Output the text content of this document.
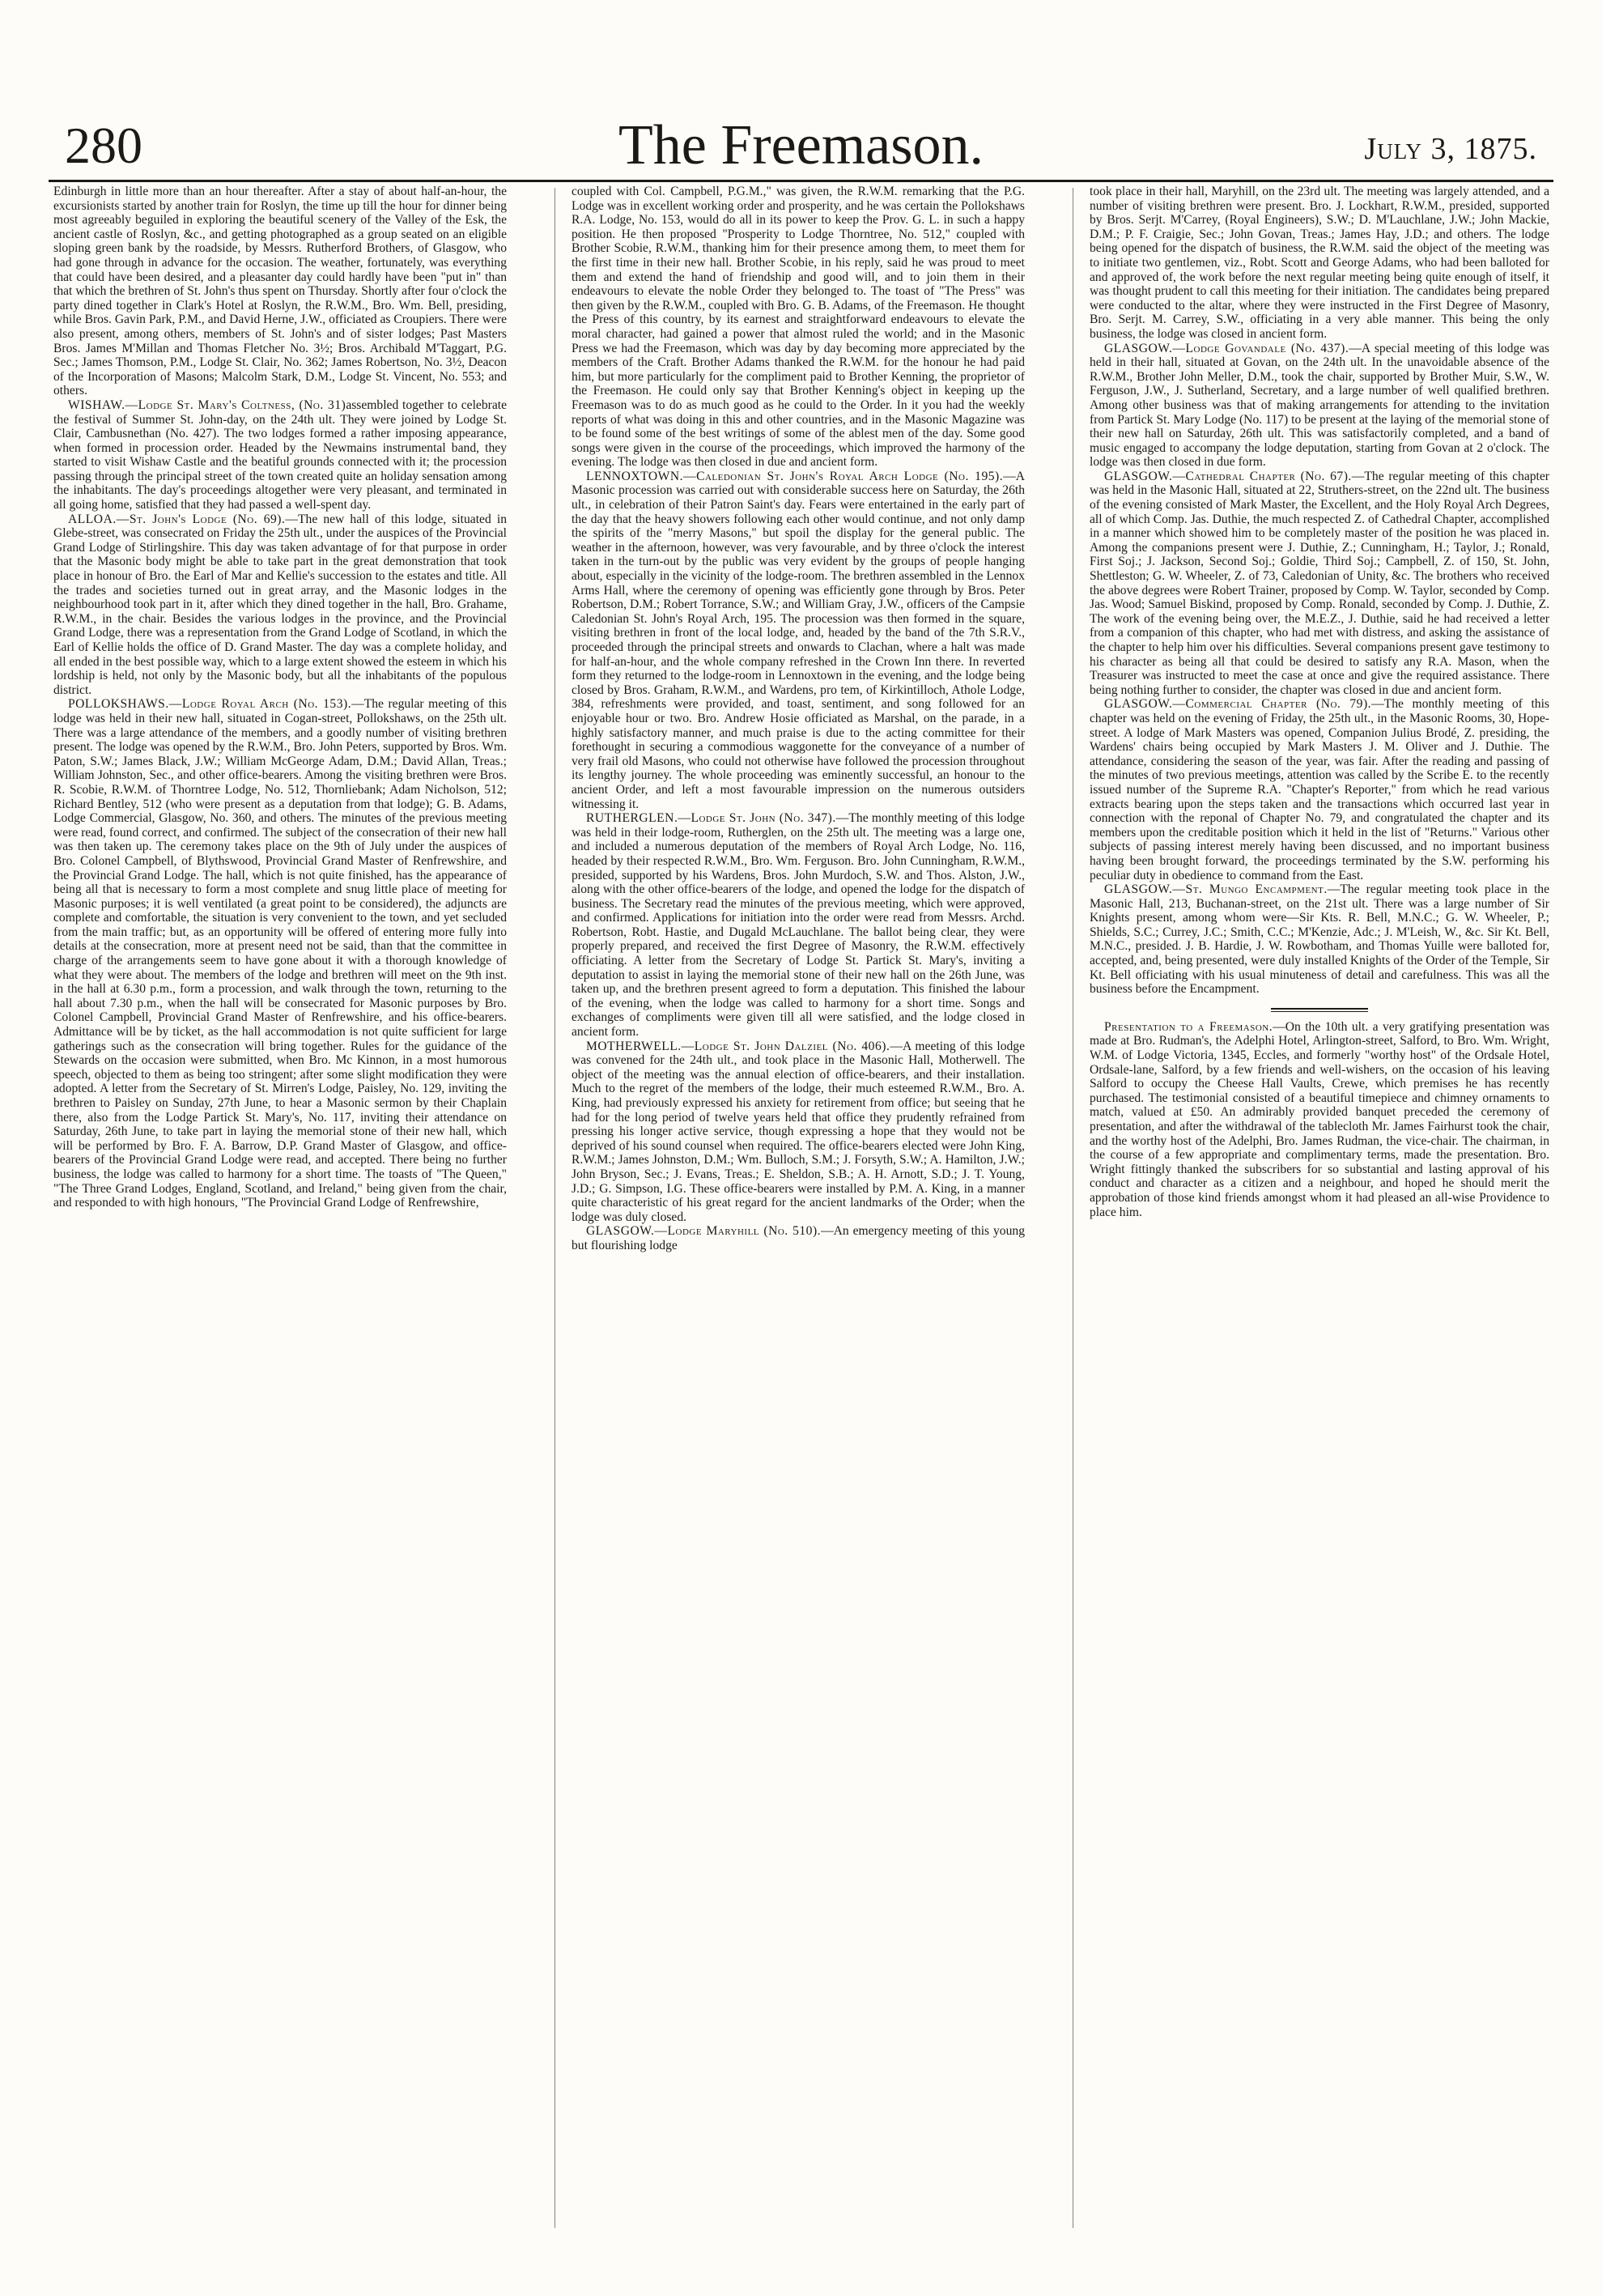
280	The Freemason.	July 3, 1875.

Edinburgh in little more than an hour thereafter. After a stay of about half-an-hour, the excursionists started by another train for Roslyn, the time up till the hour for dinner being most agreeably beguiled in exploring the beautiful scenery of the Valley of the Esk, the ancient castle of Roslyn, &c., and getting photographed as a group seated on an eligible sloping green bank by the roadside, by Messrs. Rutherford Brothers, of Glasgow, who had gone through in advance for the occasion. The weather, fortunately, was everything that could have been desired, and a pleasanter day could hardly have been "put in" than that which the brethren of St. John's thus spent on Thursday. Shortly after four o'clock the party dined together in Clark's Hotel at Roslyn, the R.W.M., Bro. Wm. Bell, presiding, while Bros. Gavin Park, P.M., and David Herne, J.W., officiated as Croupiers. There were also present, among others, members of St. John's and of sister lodges; Past Masters Bros. James M'Millan and Thomas Fletcher No. 3½; Bros. Archibald M'Taggart, P.G. Sec.; James Thomson, P.M., Lodge St. Clair, No. 362; James Robertson, No. 3½, Deacon of the Incorporation of Masons; Malcolm Stark, D.M., Lodge St. Vincent, No. 553; and others.

WISHAW.—Lodge St. Mary's Coltness, (No. 31)assembled together to celebrate the festival of Summer St. John-day, on the 24th ult. They were joined by Lodge St. Clair, Cambusnethan (No. 427). The two lodges formed a rather imposing appearance, when formed in procession order. Headed by the Newmains instrumental band, they started to visit Wishaw Castle and the beatiful grounds connected with it; the procession passing through the principal street of the town created quite an holiday sensation among the inhabitants. The day's proceedings altogether were very pleasant, and terminated in all going home, satisfied that they had passed a well-spent day.

ALLOA.—St. John's Lodge (No. 69).—The new hall of this lodge, situated in Glebe-street, was consecrated on Friday the 25th ult., under the auspices of the Provincial Grand Lodge of Stirlingshire. This day was taken advantage of for that purpose in order that the Masonic body might be able to take part in the great demonstration that took place in honour of Bro. the Earl of Mar and Kellie's succession to the estates and title. All the trades and societies turned out in great array, and the Masonic lodges in the neighbourhood took part in it, after which they dined together in the hall, Bro. Grahame, R.W.M., in the chair. Besides the various lodges in the province, and the Provincial Grand Lodge, there was a representation from the Grand Lodge of Scotland, in which the Earl of Kellie holds the office of D. Grand Master. The day was a complete holiday, and all ended in the best possible way, which to a large extent showed the esteem in which his lordship is held, not only by the Masonic body, but all the inhabitants of the populous district.

POLLOKSHAWS.—Lodge Royal Arch (No. 153).—The regular meeting of this lodge was held in their new hall, situated in Cogan-street, Pollokshaws, on the 25th ult. There was a large attendance of the members, and a goodly number of visiting brethren present. The lodge was opened by the R.W.M., Bro. John Peters, supported by Bros. Wm. Paton, S.W.; James Black, J.W.; William McGeorge Adam, D.M.; David Allan, Treas.; William Johnston, Sec., and other office-bearers. Among the visiting brethren were Bros. R. Scobie, R.W.M. of Thorntree Lodge, No. 512, Thornliebank; Adam Nicholson, 512; Richard Bentley, 512 (who were present as a deputation from that lodge); G. B. Adams, Lodge Commercial, Glasgow, No. 360, and others. The minutes of the previous meeting were read, found correct, and confirmed. The subject of the consecration of their new hall was then taken up. The ceremony takes place on the 9th of July under the auspices of Bro. Colonel Campbell, of Blythswood, Provincial Grand Master of Renfrewshire, and the Provincial Grand Lodge. The hall, which is not quite finished, has the appearance of being all that is necessary to form a most complete and snug little place of meeting for Masonic purposes; it is well ventilated (a great point to be considered), the adjuncts are complete and comfortable, the situation is very convenient to the town, and yet secluded from the main traffic; but, as an opportunity will be offered of entering more fully into details at the consecration, more at present need not be said, than that the committee in charge of the arrangements seem to have gone about it with a thorough knowledge of what they were about. The members of the lodge and brethren will meet on the 9th inst. in the hall at 6.30 p.m., form a procession, and walk through the town, returning to the hall about 7.30 p.m., when the hall will be consecrated for Masonic purposes by Bro. Colonel Campbell, Provincial Grand Master of Renfrewshire, and his office-bearers. Admittance will be by ticket, as the hall accommodation is not quite sufficient for large gatherings such as the consecration will bring together. Rules for the guidance of the Stewards on the occasion were submitted, when Bro. Mc Kinnon, in a most humorous speech, objected to them as being too stringent; after some slight modification they were adopted. A letter from the Secretary of St. Mirren's Lodge, Paisley, No. 129, inviting the brethren to Paisley on Sunday, 27th June, to hear a Masonic sermon by their Chaplain there, also from the Lodge Partick St. Mary's, No. 117, inviting their attendance on Saturday, 26th June, to take part in laying the memorial stone of their new hall, which will be performed by Bro. F. A. Barrow, D.P. Grand Master of Glasgow, and office-bearers of the Provincial Grand Lodge were read, and accepted. There being no further business, the lodge was called to harmony for a short time. The toasts of "The Queen," "The Three Grand Lodges, England, Scotland, and Ireland," being given from the chair, and responded to with high honours, "The Provincial Grand Lodge of Renfrewshire,

coupled with Col. Campbell, P.G.M.," was given, the R.W.M. remarking that the P.G. Lodge was in excellent working order and prosperity, and he was certain the Pollokshaws R.A. Lodge, No. 153, would do all in its power to keep the Prov. G. L. in such a happy position. He then proposed "Prosperity to Lodge Thorntree, No. 512," coupled with Brother Scobie, R.W.M., thanking him for their presence among them, to meet them for the first time in their new hall. Brother Scobie, in his reply, said he was proud to meet them and extend the hand of friendship and good will, and to join them in their endeavours to elevate the noble Order they belonged to. The toast of "The Press" was then given by the R.W.M., coupled with Bro. G. B. Adams, of the Freemason. He thought the Press of this country, by its earnest and straightforward endeavours to elevate the moral character, had gained a power that almost ruled the world; and in the Masonic Press we had the Freemason, which was day by day becoming more appreciated by the members of the Craft. Brother Adams thanked the R.W.M. for the honour he had paid him, but more particularly for the compliment paid to Brother Kenning, the proprietor of the Freemason. He could only say that Brother Kenning's object in keeping up the Freemason was to do as much good as he could to the Order. In it you had the weekly reports of what was doing in this and other countries, and in the Masonic Magazine was to be found some of the best writings of some of the ablest men of the day. Some good songs were given in the course of the proceedings, which improved the harmony of the evening. The lodge was then closed in due and ancient form.

LENNOXTOWN.—Caledonian St. John's Royal Arch Lodge (No. 195).—A Masonic procession was carried out with considerable success here on Saturday, the 26th ult., in celebration of their Patron Saint's day. Fears were entertained in the early part of the day that the heavy showers following each other would continue, and not only damp the spirits of the "merry Masons," but spoil the display for the general public. The weather in the afternoon, however, was very favourable, and by three o'clock the interest taken in the turn-out by the public was very evident by the groups of people hanging about, especially in the vicinity of the lodge-room. The brethren assembled in the Lennox Arms Hall, where the ceremony of opening was efficiently gone through by Bros. Peter Robertson, D.M.; Robert Torrance, S.W.; and William Gray, J.W., officers of the Campsie Caledonian St. John's Royal Arch, 195. The procession was then formed in the square, visiting brethren in front of the local lodge, and, headed by the band of the 7th S.R.V., proceeded through the principal streets and onwards to Clachan, where a halt was made for half-an-hour, and the whole company refreshed in the Crown Inn there. In reverted form they returned to the lodge-room in Lennoxtown in the evening, and the lodge being closed by Bros. Graham, R.W.M., and Wardens, pro tem, of Kirkintilloch, Athole Lodge, 384, refreshments were provided, and toast, sentiment, and song followed for an enjoyable hour or two. Bro. Andrew Hosie officiated as Marshal, on the parade, in a highly satisfactory manner, and much praise is due to the acting committee for their forethought in securing a commodious waggonette for the conveyance of a number of very frail old Masons, who could not otherwise have followed the procession throughout its lengthy journey. The whole proceeding was eminently successful, an honour to the ancient Order, and left a most favourable impression on the numerous outsiders witnessing it.

RUTHERGLEN.—Lodge St. John (No. 347).—The monthly meeting of this lodge was held in their lodge-room, Rutherglen, on the 25th ult. The meeting was a large one, and included a numerous deputation of the members of Royal Arch Lodge, No. 116, headed by their respected R.W.M., Bro. Wm. Ferguson. Bro. John Cunningham, R.W.M., presided, supported by his Wardens, Bros. John Murdoch, S.W. and Thos. Alston, J.W., along with the other office-bearers of the lodge, and opened the lodge for the dispatch of business. The Secretary read the minutes of the previous meeting, which were approved, and confirmed. Applications for initiation into the order were read from Messrs. Archd. Robertson, Robt. Hastie, and Dugald McLauchlane. The ballot being clear, they were properly prepared, and received the first Degree of Masonry, the R.W.M. effectively officiating. A letter from the Secretary of Lodge St. Partick St. Mary's, inviting a deputation to assist in laying the memorial stone of their new hall on the 26th June, was taken up, and the brethren present agreed to form a deputation. This finished the labour of the evening, when the lodge was called to harmony for a short time. Songs and exchanges of compliments were given till all were satisfied, and the lodge closed in ancient form.

MOTHERWELL.—Lodge St. John Dalziel (No. 406).—A meeting of this lodge was convened for the 24th ult., and took place in the Masonic Hall, Motherwell. The object of the meeting was the annual election of office-bearers, and their installation. Much to the regret of the members of the lodge, their much esteemed R.W.M., Bro. A. King, had previously expressed his anxiety for retirement from office; but seeing that he had for the long period of twelve years held that office they prudently refrained from pressing his longer active service, though expressing a hope that they would not be deprived of his sound counsel when required. The office-bearers elected were John King, R.W.M.; James Johnston, D.M.; Wm. Bulloch, S.M.; J. Forsyth, S.W.; A. Hamilton, J.W.; John Bryson, Sec.; J. Evans, Treas.; E. Sheldon, S.B.; A. H. Arnott, S.D.; J. T. Young, J.D.; G. Simpson, I.G. These office-bearers were installed by P.M. A. King, in a manner quite characteristic of his great regard for the ancient landmarks of the Order; when the lodge was duly closed.

GLASGOW.—Lodge Maryhill (No. 510).—An emergency meeting of this young but flourishing lodge

took place in their hall, Maryhill, on the 23rd ult. The meeting was largely attended, and a number of visiting brethren were present. Bro. J. Lockhart, R.W.M., presided, supported by Bros. Serjt. M'Carrey, (Royal Engineers), S.W.; D. M'Lauchlane, J.W.; John Mackie, D.M.; P. F. Craigie, Sec.; John Govan, Treas.; James Hay, J.D.; and others. The lodge being opened for the dispatch of business, the R.W.M. said the object of the meeting was to initiate two gentlemen, viz., Robt. Scott and George Adams, who had been balloted for and approved of, the work before the next regular meeting being quite enough of itself, it was thought prudent to call this meeting for their initiation. The candidates being prepared were conducted to the altar, where they were instructed in the First Degree of Masonry, Bro. Serjt. M. Carrey, S.W., officiating in a very able manner. This being the only business, the lodge was closed in ancient form.

GLASGOW.—Lodge Govandale (No. 437).—A special meeting of this lodge was held in their hall, situated at Govan, on the 24th ult. In the unavoidable absence of the R.W.M., Brother John Meller, D.M., took the chair, supported by Brother Muir, S.W., W. Ferguson, J.W., J. Sutherland, Secretary, and a large number of well qualified brethren. Among other business was that of making arrangements for attending to the invitation from Partick St. Mary Lodge (No. 117) to be present at the laying of the memorial stone of their new hall on Saturday, 26th ult. This was satisfactorily completed, and a band of music engaged to accompany the lodge deputation, starting from Govan at 2 o'clock. The lodge was then closed in due form.

GLASGOW.—Cathedral Chapter (No. 67).—The regular meeting of this chapter was held in the Masonic Hall, situated at 22, Struthers-street, on the 22nd ult. The business of the evening consisted of Mark Master, the Excellent, and the Holy Royal Arch Degrees, all of which Comp. Jas. Duthie, the much respected Z. of Cathedral Chapter, accomplished in a manner which showed him to be completely master of the position he was placed in. Among the companions present were J. Duthie, Z.; Cunningham, H.; Taylor, J.; Ronald, First Soj.; J. Jackson, Second Soj.; Goldie, Third Soj.; Campbell, Z. of 150, St. John, Shettleston; G. W. Wheeler, Z. of 73, Caledonian of Unity, &c. The brothers who received the above degrees were Robert Trainer, proposed by Comp. W. Taylor, seconded by Comp. Jas. Wood; Samuel Biskind, proposed by Comp. Ronald, seconded by Comp. J. Duthie, Z. The work of the evening being over, the M.E.Z., J. Duthie, said he had received a letter from a companion of this chapter, who had met with distress, and asking the assistance of the chapter to help him over his difficulties. Several companions present gave testimony to his character as being all that could be desired to satisfy any R.A. Mason, when the Treasurer was instructed to meet the case at once and give the required assistance. There being nothing further to consider, the chapter was closed in due and ancient form.

GLASGOW.—Commercial Chapter (No. 79).—The monthly meeting of this chapter was held on the evening of Friday, the 25th ult., in the Masonic Rooms, 30, Hope-street. A lodge of Mark Masters was opened, Companion Julius Brodé, Z. presiding, the Wardens' chairs being occupied by Mark Masters J. M. Oliver and J. Duthie. The attendance, considering the season of the year, was fair. After the reading and passing of the minutes of two previous meetings, attention was called by the Scribe E. to the recently issued number of the Supreme R.A. "Chapter's Reporter," from which he read various extracts bearing upon the steps taken and the transactions which occurred last year in connection with the reponal of Chapter No. 79, and congratulated the chapter and its members upon the creditable position which it held in the list of "Returns." Various other subjects of passing interest merely having been discussed, and no important business having been brought forward, the proceedings terminated by the S.W. performing his peculiar duty in obedience to command from the East.

GLASGOW.—St. Mungo Encampment.—The regular meeting took place in the Masonic Hall, 213, Buchanan-street, on the 21st ult. There was a large number of Sir Knights present, among whom were—Sir Kts. R. Bell, M.N.C.; G. W. Wheeler, P.; Shields, S.C.; Currey, J.C.; Smith, C.C.; M'Kenzie, Adc.; J. M'Leish, W., &c. Sir Kt. Bell, M.N.C., presided. J. B. Hardie, J. W. Rowbotham, and Thomas Yuille were balloted for, accepted, and, being presented, were duly installed Knights of the Order of the Temple, Sir Kt. Bell officiating with his usual minuteness of detail and carefulness. This was all the business before the Encampment.

Presentation to a Freemason.—On the 10th ult. a very gratifying presentation was made at Bro. Rudman's, the Adelphi Hotel, Arlington-street, Salford, to Bro. Wm. Wright, W.M. of Lodge Victoria, 1345, Eccles, and formerly "worthy host" of the Ordsale Hotel, Ordsale-lane, Salford, by a few friends and well-wishers, on the occasion of his leaving Salford to occupy the Cheese Hall Vaults, Crewe, which premises he has recently purchased. The testimonial consisted of a beautiful timepiece and chimney ornaments to match, valued at £50. An admirably provided banquet preceded the ceremony of presentation, and after the withdrawal of the tablecloth Mr. James Fairhurst took the chair, and the worthy host of the Adelphi, Bro. James Rudman, the vice-chair. The chairman, in the course of a few appropriate and complimentary terms, made the presentation. Bro. Wright fittingly thanked the subscribers for so substantial and lasting approval of his conduct and character as a citizen and a neighbour, and hoped he should merit the approbation of those kind friends amongst whom it had pleased an all-wise Providence to place him.
